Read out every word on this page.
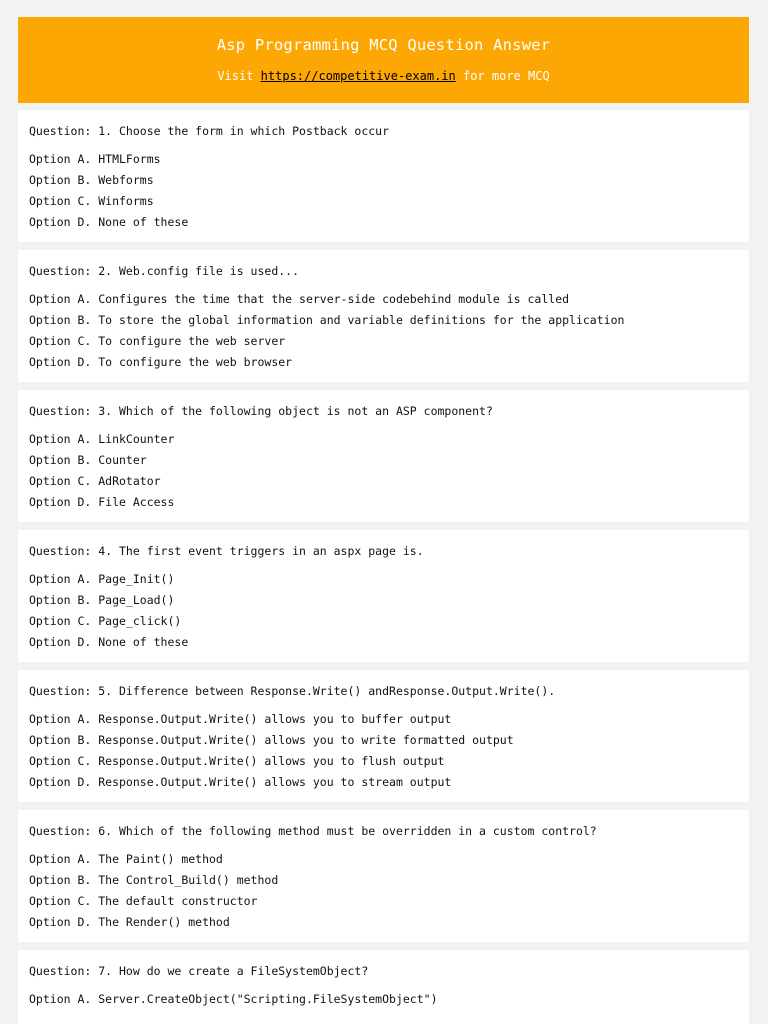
Asp Programming MCQ Question Answer
Visit https://competitive-exam.in for more MCQ
Question: 1. Choose the form in which Postback occur
Option A. HTMLForms
Option B. Webforms
Option C. Winforms
Option D. None of these
Question: 2. Web.config file is used...
Option A. Configures the time that the server-side codebehind module is called
Option B. To store the global information and variable definitions for the application
Option C. To configure the web server
Option D. To configure the web browser
Question: 3. Which of the following object is not an ASP component?
Option A. LinkCounter
Option B. Counter
Option C. AdRotator
Option D. File Access
Question: 4. The first event triggers in an aspx page is.
Option A. Page_Init()
Option B. Page_Load()
Option C. Page_click()
Option D. None of these
Question: 5. Difference between Response.Write() andResponse.Output.Write().
Option A. Response.Output.Write() allows you to buffer output
Option B. Response.Output.Write() allows you to write formatted output
Option C. Response.Output.Write() allows you to flush output
Option D. Response.Output.Write() allows you to stream output
Question: 6. Which of the following method must be overridden in a custom control?
Option A. The Paint() method
Option B. The Control_Build() method
Option C. The default constructor
Option D. The Render() method
Question: 7. How do we create a FileSystemObject?
Option A. Server.CreateObject("Scripting.FileSystemObject")
